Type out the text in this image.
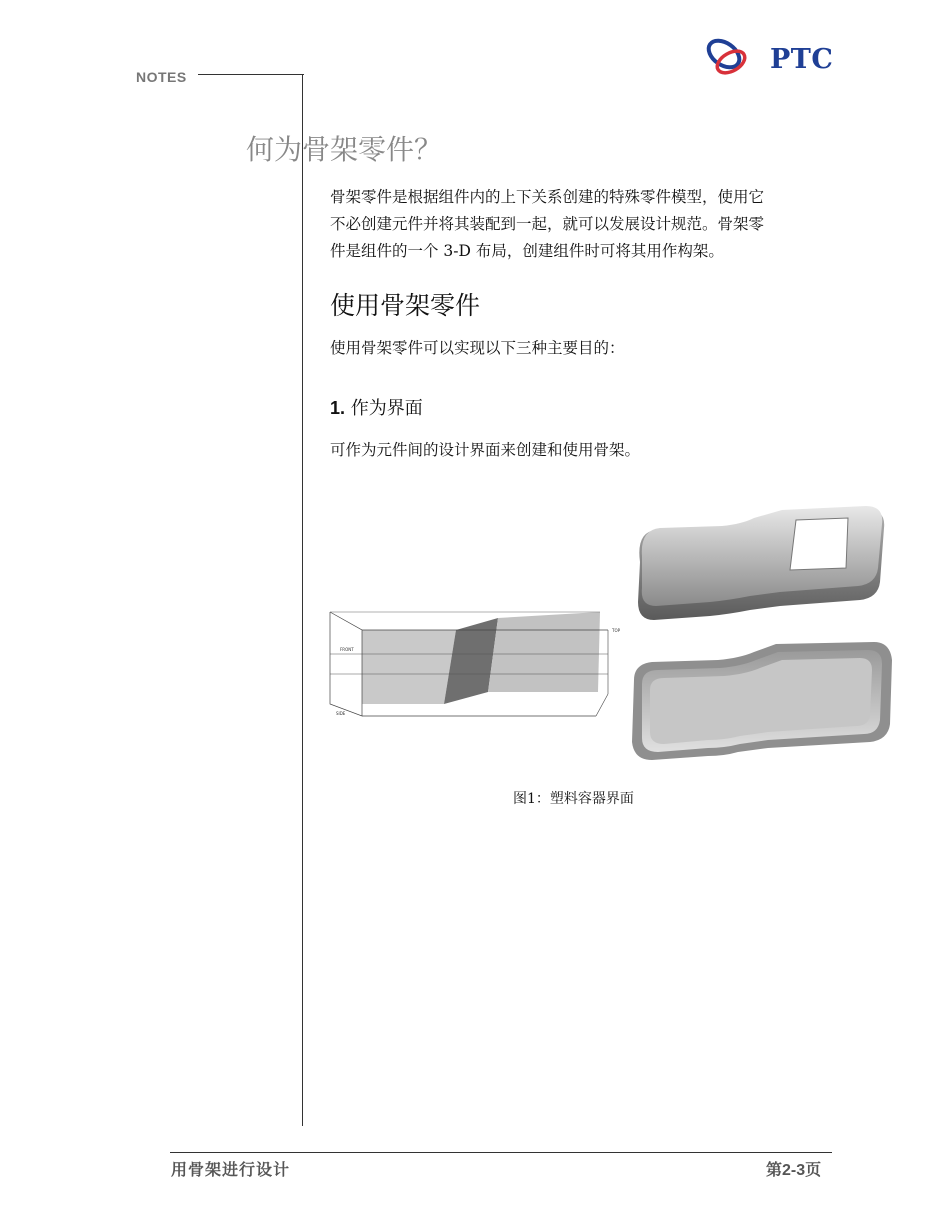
NOTES
PTC
何为骨架零件？
骨架零件是根据组件内的上下关系创建的特殊零件模型，使用它
不必创建元件并将其装配到一起，就可以发展设计规范。骨架零
件是组件的一个 3-D 布局，创建组件时可将其用作构架。
使用骨架零件
使用骨架零件可以实现以下三种主要目的：
1. 作为界面
可作为元件间的设计界面来创建和使用骨架。
FRONT
TOP
SIDE
图1：塑料容器界面
用骨架进行设计	第2-3页
